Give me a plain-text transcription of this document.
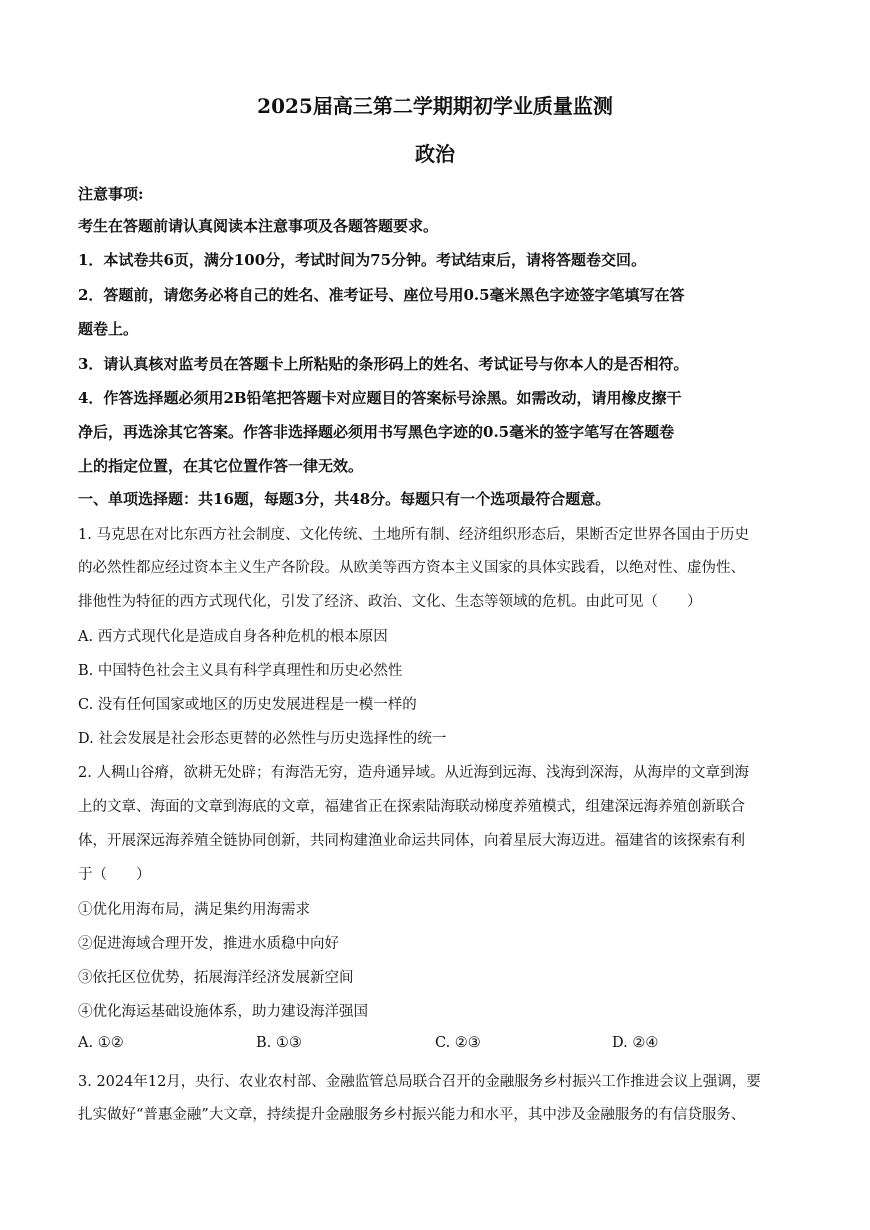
2025届高三第二学期期初学业质量监测
政治
注意事项:
考生在答题前请认真阅读本注意事项及各题答题要求。
1．本试卷共6页，满分100分，考试时间为75分钟。考试结束后，请将答题卷交回。
2．答题前，请您务必将自己的姓名、准考证号、座位号用0.5毫米黑色字迹签字笔填写在答
题卷上。
3．请认真核对监考员在答题卡上所粘贴的条形码上的姓名、考试证号与你本人的是否相符。
4．作答选择题必须用2B铅笔把答题卡对应题目的答案标号涂黑。如需改动，请用橡皮擦干
净后，再选涂其它答案。作答非选择题必须用书写黑色字迹的0.5毫米的签字笔写在答题卷
上的指定位置，在其它位置作答一律无效。
一、单项选择题：共16题，每题3分，共48分。每题只有一个选项最符合题意。
1. 马克思在对比东西方社会制度、文化传统、土地所有制、经济组织形态后，果断否定世界各国由于历史
的必然性都应经过资本主义生产各阶段。从欧美等西方资本主义国家的具体实践看，以绝对性、虚伪性、
排他性为特征的西方式现代化，引发了经济、政治、文化、生态等领域的危机。由此可见（　　）
A. 西方式现代化是造成自身各种危机的根本原因
B. 中国特色社会主义具有科学真理性和历史必然性
C. 没有任何国家或地区的历史发展进程是一模一样的
D. 社会发展是社会形态更替的必然性与历史选择性的统一
2. 人稠山谷瘠，欲耕无处辟；有海浩无穷，造舟通异域。从近海到远海、浅海到深海，从海岸的文章到海
上的文章、海面的文章到海底的文章，福建省正在探索陆海联动梯度养殖模式，组建深远海养殖创新联合
体，开展深远海养殖全链协同创新，共同构建渔业命运共同体，向着星辰大海迈进。福建省的该探索有利
于（　　）
①优化用海布局，满足集约用海需求
②促进海域合理开发，推进水质稳中向好
③依托区位优势，拓展海洋经济发展新空间
④优化海运基础设施体系，助力建设海洋强国
A. ①②	B. ①③	C. ②③	D. ②④
3. 2024年12月，央行、农业农村部、金融监管总局联合召开的金融服务乡村振兴工作推进会议上强调，要
扎实做好“普惠金融”大文章，持续提升金融服务乡村振兴能力和水平，其中涉及金融服务的有信贷服务、
